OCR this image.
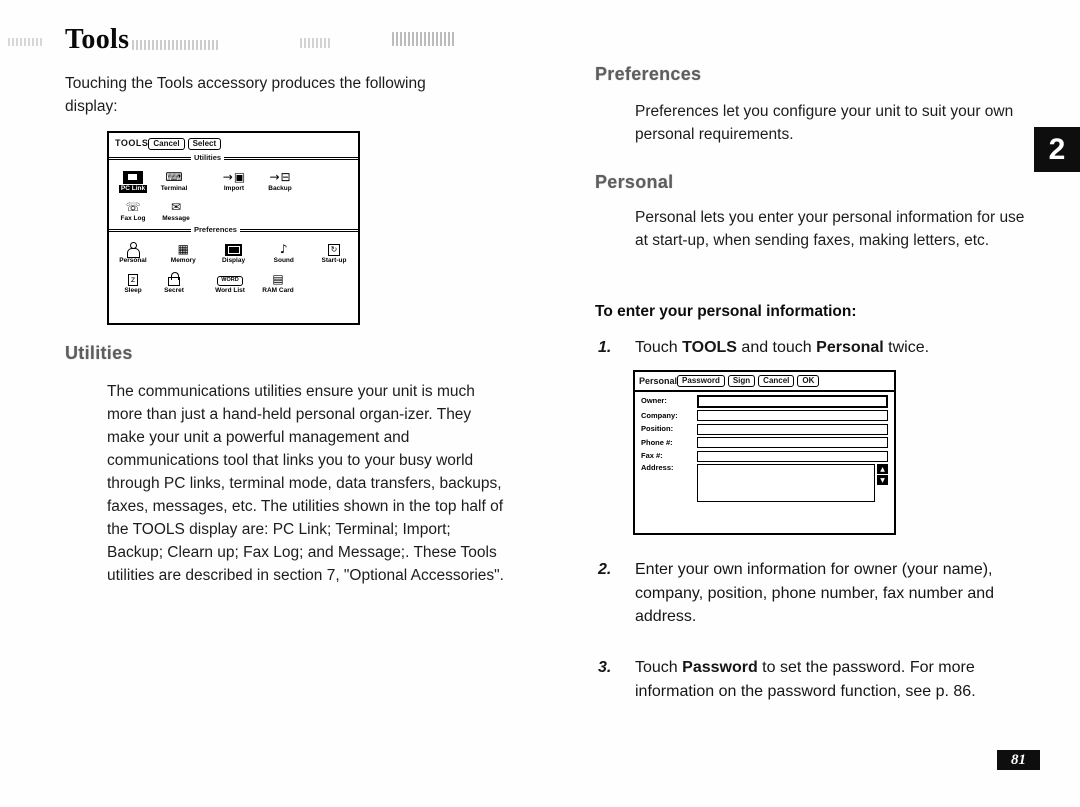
Tools

Touching the Tools accessory produces the following display:

TOOLS Cancel	Select
Utilities
PC Link
⌨
Terminal
→ ▣
Import
→ ⊟
Backup
☏
Fax Log
✉
Message
Preferences
Personal
▦
Memory	Display
♪
Sound
↻
Start-up
z
Sleep	Secret
WORD
Word List
▤
RAM Card
Utilities

The communications utilities ensure your unit is much more than just a hand-held personal organ-izer. They make your unit a powerful management and communications tool that links you to your busy world through PC links, terminal mode, data transfers, backups, faxes, messages, etc. The utilities shown in the top half of the TOOLS display are: PC Link; Terminal; Import; Backup; Clearn up; Fax Log; and Message;. These Tools utilities are described in section 7, "Optional Accessories".

Preferences

Preferences let you configure your unit to suit your own personal requirements.

Personal

Personal lets you enter your personal information for use at start-up, when sending faxes, making letters, etc.

To enter your personal information:
1.	Touch TOOLS and touch Personal twice.
Personal Password	Sign	Cancel	OK
Owner:
Company:
Position:
Phone #:
Fax #:
Address:	▲
▼
2.	Enter your own information for owner (your name), company, position, phone number, fax number and address.
3.	Touch Password to set the password. For more information on the password function, see p. 86.
2
81
